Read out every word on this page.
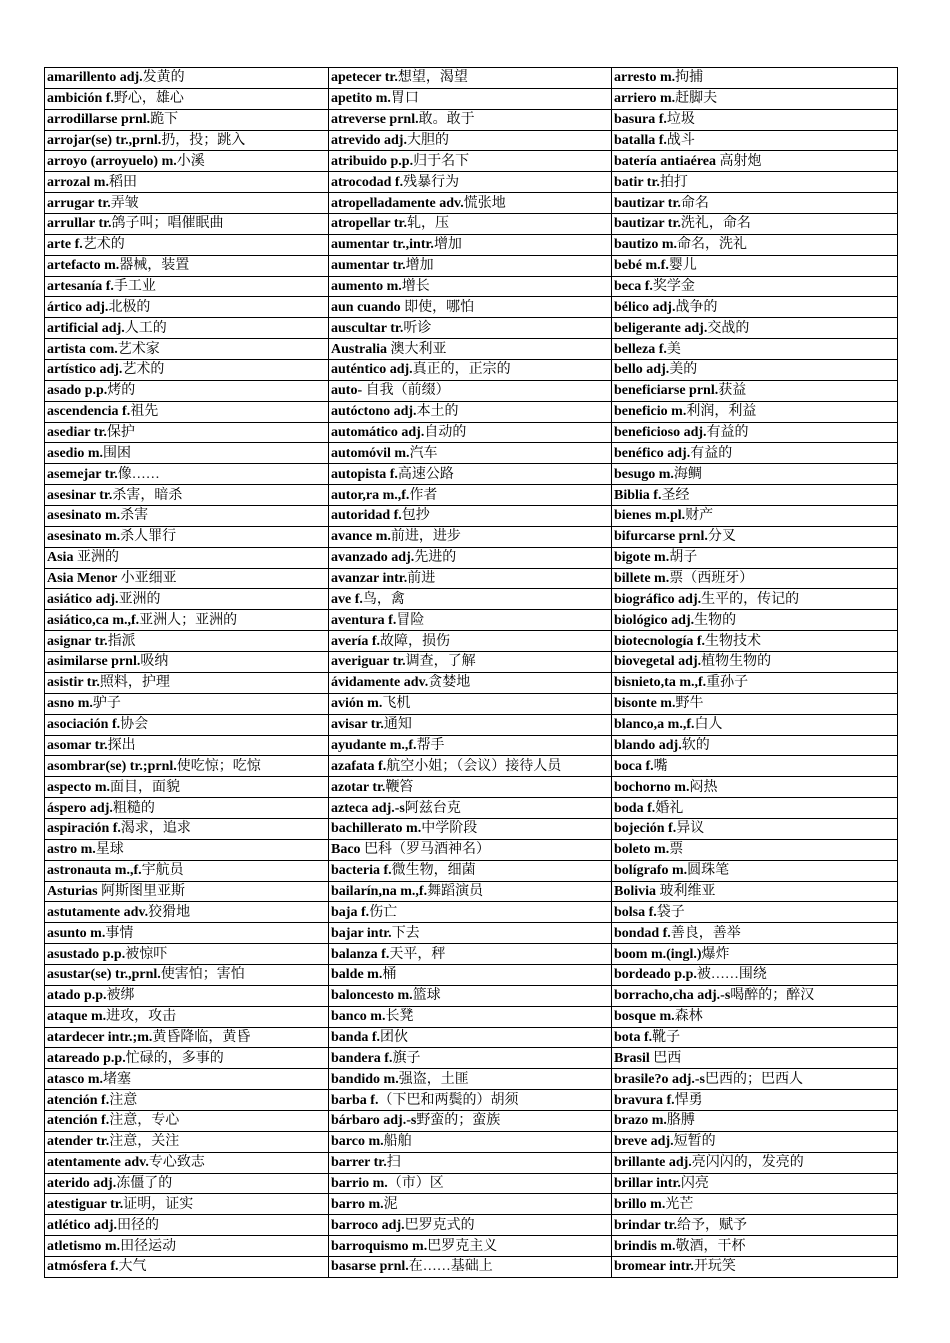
amarillento adj.发黄的	apetecer tr.想望，渴望	arresto m.拘捕
ambición f.野心，雄心	apetito m.胃口	arriero m.赶脚夫
arrodillarse prnl.跪下	atreverse prnl.敢。敢于	basura f.垃圾
arrojar(se) tr.,prnl.扔，投；跳入	atrevido adj.大胆的	batalla f.战斗
arroyo (arroyuelo) m.小溪	atribuido p.p.归于名下	batería antiaérea 高射炮
arrozal m.稻田	atrocodad f.残暴行为	batir tr.拍打
arrugar tr.弄皱	atropelladamente adv.慌张地	bautizar tr.命名
arrullar tr.鸽子叫；唱催眠曲	atropellar tr.轧，压	bautizar tr.洗礼，命名
arte f.艺术的	aumentar tr.,intr.增加	bautizo m.命名，洗礼
artefacto m.器械，装置	aumentar tr.增加	bebé m.f.婴儿
artesanía f.手工业	aumento m.增长	beca f.奖学金
ártico adj.北极的	aun cuando 即使，哪怕	bélico adj.战争的
artificial adj.人工的	auscultar tr.听诊	beligerante adj.交战的
artista com.艺术家	Australia 澳大利亚	belleza f.美
artístico adj.艺术的	auténtico adj.真正的，正宗的	bello adj.美的
asado p.p.烤的	auto- 自我（前缀）	beneficiarse prnl.获益
ascendencia f.祖先	autóctono adj.本土的	beneficio m.利润，利益
asediar tr.保护	automático adj.自动的	beneficioso adj.有益的
asedio m.围困	automóvil m.汽车	benéfico adj.有益的
asemejar tr.像……	autopista f.高速公路	besugo m.海鲷
asesinar tr.杀害，暗杀	autor,ra m.,f.作者	Biblia f.圣经
asesinato m.杀害	autoridad f.包抄	bienes m.pl.财产
asesinato m.杀人罪行	avance m.前进，进步	bifurcarse prnl.分叉
Asia 亚洲的	avanzado adj.先进的	bigote m.胡子
Asia Menor 小亚细亚	avanzar intr.前进	billete m.票（西班牙）
asiático adj.亚洲的	ave f.鸟，禽	biográfico adj.生平的，传记的
asiático,ca m.,f.亚洲人；亚洲的	aventura f.冒险	biológico adj.生物的
asignar tr.指派	avería f.故障，损伤	biotecnología f.生物技术
asimilarse prnl.吸纳	averiguar tr.调查，了解	biovegetal adj.植物生物的
asistir tr.照料，护理	ávidamente adv.贪婪地	bisnieto,ta m.,f.重孙子
asno m.驴子	avión m.飞机	bisonte m.野牛
asociación f.协会	avisar tr.通知	blanco,a m.,f.白人
asomar tr.探出	ayudante m.,f.帮手	blando adj.软的
asombrar(se) tr.;prnl.使吃惊；吃惊	azafata f.航空小姐；（会议）接待人员	boca f.嘴
aspecto m.面目，面貌	azotar tr.鞭笞	bochorno m.闷热
áspero adj.粗糙的	azteca adj.-s阿兹台克	boda f.婚礼
aspiración f.渴求，追求	bachillerato m.中学阶段	bojeción f.异议
astro m.星球	Baco 巴科（罗马酒神名）	boleto m.票
astronauta m.,f.宇航员	bacteria f.微生物，细菌	bolígrafo m.圆珠笔
Asturias 阿斯图里亚斯	bailarín,na m.,f.舞蹈演员	Bolivia 玻利维亚
astutamente adv.狡猾地	baja f.伤亡	bolsa f.袋子
asunto m.事情	bajar intr.下去	bondad f.善良，善举
asustado p.p.被惊吓	balanza f.天平，秤	boom m.(ingl.)爆炸
asustar(se) tr.,prnl.使害怕；害怕	balde m.桶	bordeado p.p.被……围绕
atado p.p.被绑	baloncesto m.篮球	borracho,cha adj.-s喝醉的；醉汉
ataque m.进攻，攻击	banco m.长凳	bosque m.森林
atardecer intr.;m.黄昏降临，黄昏	banda f.团伙	bota f.靴子
atareado p.p.忙碌的，多事的	bandera f.旗子	Brasil 巴西
atasco m.堵塞	bandido m.强盗，土匪	brasile?o adj.-s巴西的；巴西人
atención f.注意	barba f.（下巴和两鬓的）胡须	bravura f.悍勇
atención f.注意，专心	bárbaro adj.-s野蛮的；蛮族	brazo m.胳膊
atender tr.注意，关注	barco m.船舶	breve adj.短暂的
atentamente adv.专心致志	barrer tr.扫	brillante adj.亮闪闪的，发亮的
aterido adj.冻僵了的	barrio m.（市）区	brillar intr.闪亮
atestiguar tr.证明，证实	barro m.泥	brillo m.光芒
atlético adj.田径的	barroco adj.巴罗克式的	brindar tr.给予，赋予
atletismo m.田径运动	barroquismo m.巴罗克主义	brindis m.敬酒，干杯
atmósfera f.大气	basarse prnl.在……基础上	bromear intr.开玩笑
